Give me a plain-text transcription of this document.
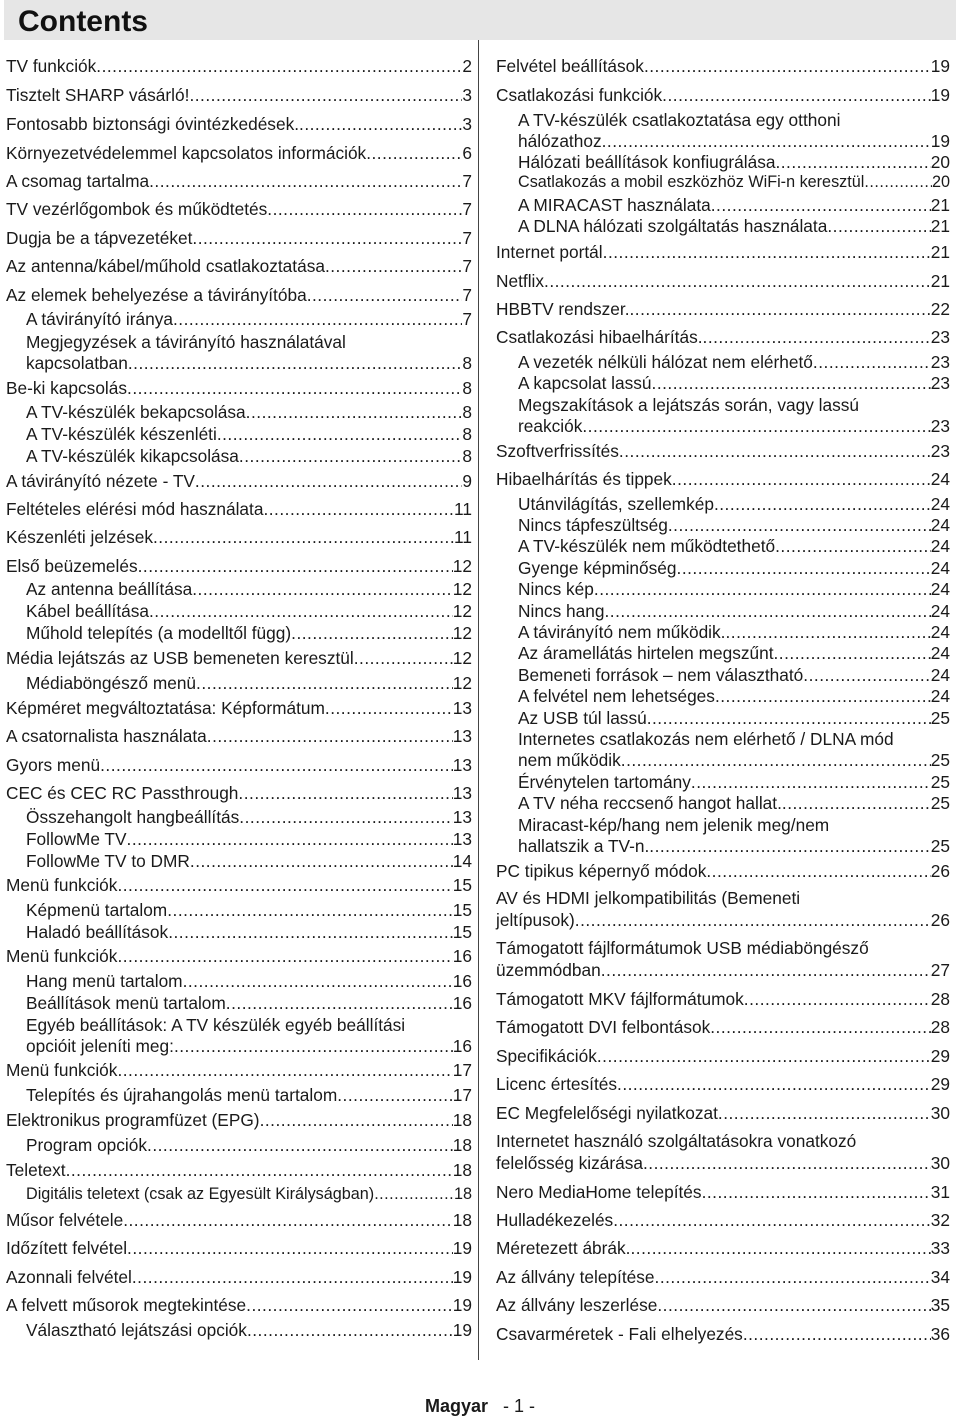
Contents
TV funkciók .....	2
Tisztelt SHARP vásárló! .....	3
Fontosabb biztonsági óvintézkedések. .....	3
Környezetvédelemmel kapcsolatos információk .....	6
A csomag tartalma .....	7
TV vezérlőgombok és működtetés .....	7
Dugja be a tápvezetéket .....	7
Az antenna/kábel/műhold csatlakoztatása .....	7
Az elemek behelyezése a távirányítóba .....	7
A távirányító iránya .....	7
Megjegyzések a távirányító használatával
kapcsolatban .....	8
Be-ki kapcsolás .....	8
A TV-készülék bekapcsolása .....	8
A TV-készülék készenléti .....	8
A TV-készülék kikapcsolása .....	8
A távirányító nézete - TV .....	9
Feltételes elérési mód használata .....	11
Készenléti jelzések .....	11
Első beüzemelés .....	12
Az antenna beállítása .....	12
Kábel beállítása .....	12
Műhold telepítés (a modelltől függ) .....	12
Média lejátszás az USB bemeneten keresztül .....	12
Médiaböngésző menü .....	12
Képméret megváltoztatása: Képformátum .....	13
A csatornalista használata .....	13
Gyors menü .....	13
CEC és CEC RC Passthrough .....	13
Összehangolt hangbeállítás .....	13
FollowMe TV .....	13
FollowMe TV to DMR .....	14
Menü funkciók .....	15
Képmenü tartalom .....	15
Haladó beállítások .....	15
Menü funkciók .....	16
Hang menü tartalom .....	16
Beállítások menü tartalom .....	16
Egyéb beállítások: A TV készülék egyéb beállítási
opcióit jeleníti meg: .....	16
Menü funkciók .....	17
Telepítés és újrahangolás menü tartalom .....	17
Elektronikus programfüzet (EPG) .....	18
Program opciók .....	18
Teletext .....	18
Digitális teletext (csak az Egyesült Királyságban) .....	18
Műsor felvétele .....	18
Időzített felvétel .....	19
Azonnali felvétel .....	19
A felvett műsorok megtekintése .....	19
Választható lejátszási opciók .....	19
Felvétel beállítások .....	19
Csatlakozási funkciók .....	19
A TV-készülék csatlakoztatása egy otthoni
hálózathoz .....	19
Hálózati beállítások konfiugrálása .....	20
Csatlakozás a mobil eszközhöz WiFi-n keresztül .....	20
A MIRACAST használata .....	21
A DLNA hálózati szolgáltatás használata .....	21
Internet portál .....	21
Netflix .....	21
HBBTV rendszer. .....	22
Csatlakozási hibaelhárítás. .....	23
A vezeték nélküli hálózat nem elérhető .....	23
A kapcsolat lassú .....	23
Megszakítások a lejátszás során, vagy lassú
reakciók .....	23
Szoftverfrissítés .....	23
Hibaelhárítás és tippek .....	24
Utánvilágítás, szellemkép .....	24
Nincs tápfeszültség .....	24
A TV-készülék nem működtethető .....	24
Gyenge képminőség .....	24
Nincs kép .....	24
Nincs hang .....	24
A távirányító nem működik. .....	24
Az áramellátás hirtelen megszűnt .....	24
Bemeneti források – nem választható .....	24
A felvétel nem lehetséges .....	24
Az USB túl lassú .....	25
Internetes csatlakozás nem elérhető / DLNA mód
nem működik .....	25
Érvénytelen tartomány .....	25
A TV néha reccsenő hangot hallat. .....	25
Miracast-kép/hang nem jelenik meg/nem
hallatszik a TV-n. .....	25
PC tipikus képernyő módok .....	26
AV és HDMI jelkompatibilitás (Bemeneti
jeltípusok) .....	26
Támogatott fájlformátumok USB médiaböngésző
üzemmódban .....	27
Támogatott MKV fájlformátumok .....	28
Támogatott DVI felbontások .....	28
Specifikációk .....	29
Licenc értesítés .....	29
EC Megfelelőségi nyilatkozat .....	30
Internetet használó szolgáltatásokra vonatkozó
felelősség kizárása .....	30
Nero MediaHome telepítés .....	31
Hulladékezelés .....	32
Méretezett ábrák. .....	33
Az állvány telepítése .....	34
Az állvány leszerlése .....	35
Csavarméretek - Fali elhelyezés .....	36
Magyar - 1 -
